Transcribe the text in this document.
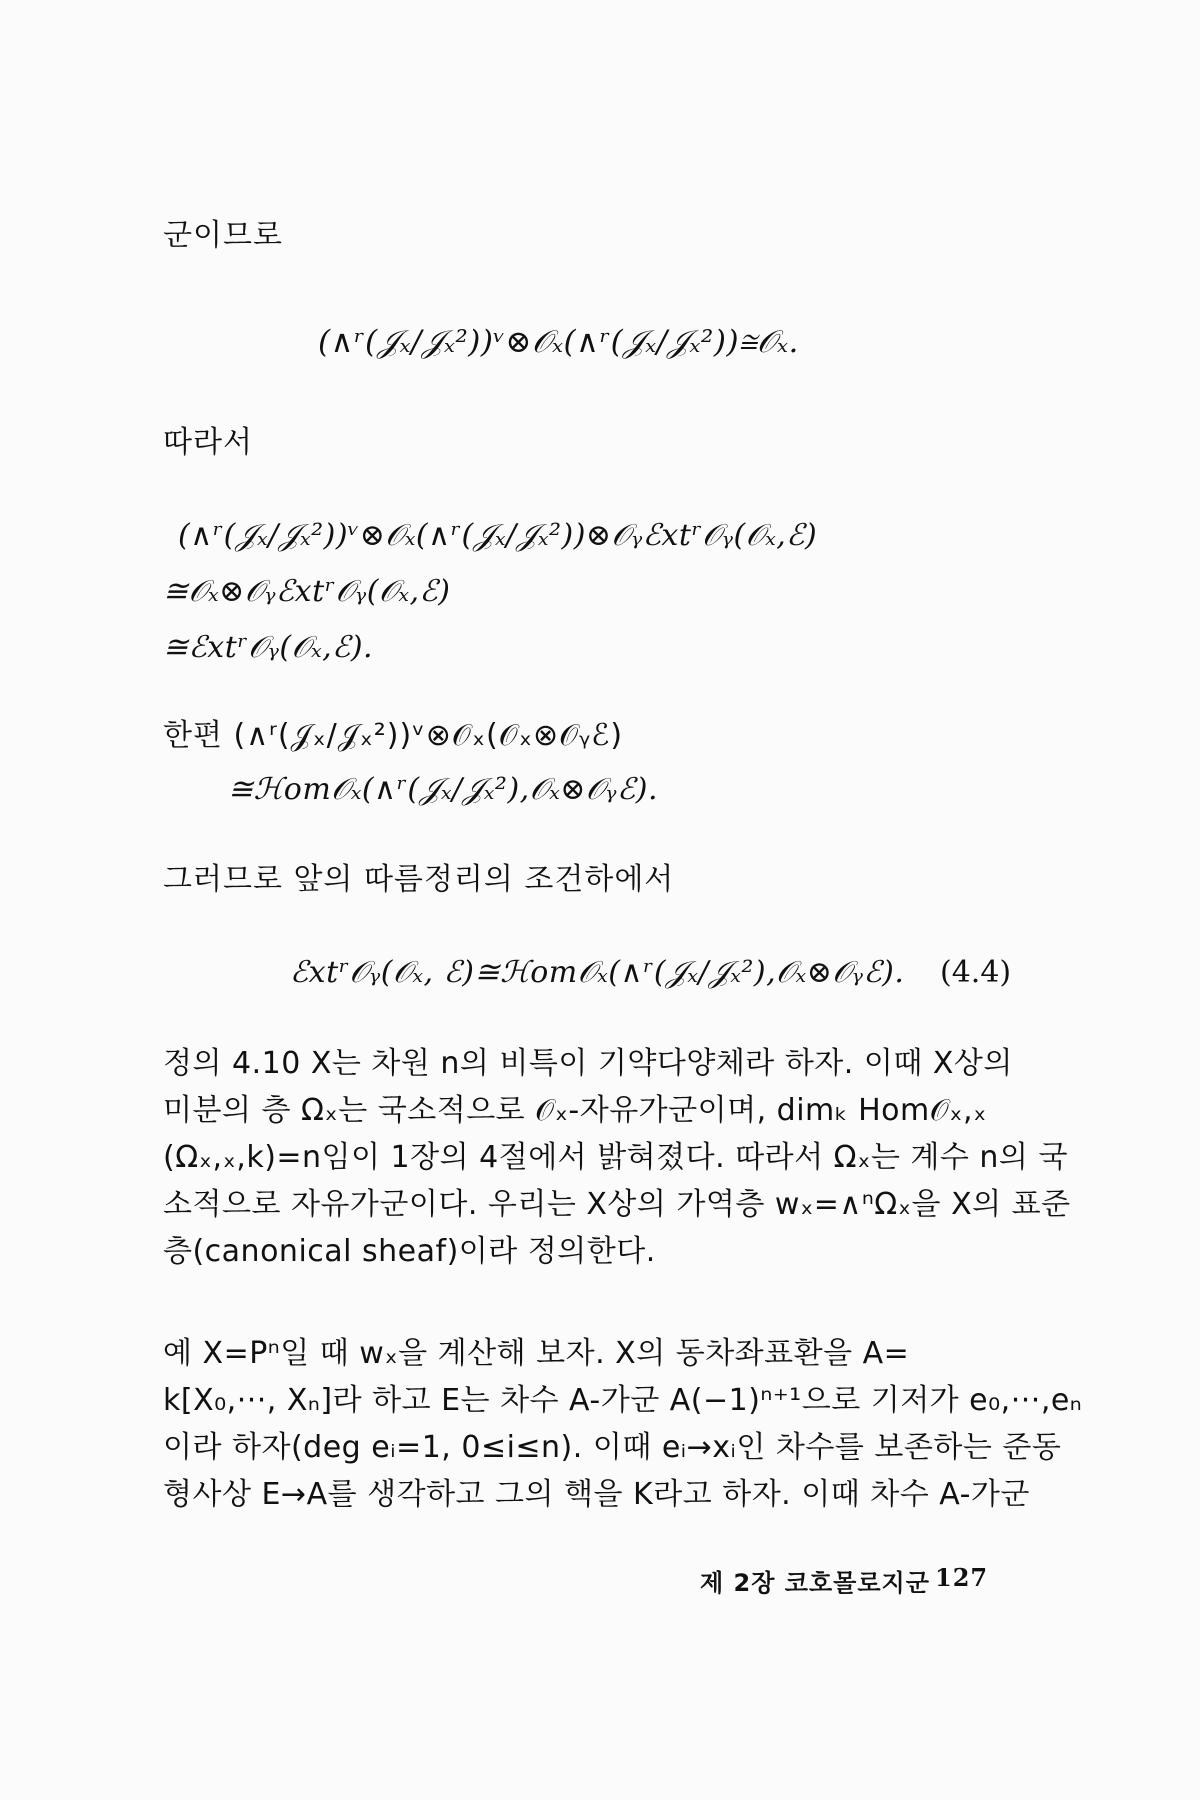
군이므로
(∧ʳ(𝒥ₓ/𝒥ₓ²))ᵛ⊗𝒪ₓ(∧ʳ(𝒥ₓ/𝒥ₓ²))≅𝒪ₓ.
따라서
(∧ʳ(𝒥ₓ/𝒥ₓ²))ᵛ⊗𝒪ₓ(∧ʳ(𝒥ₓ/𝒥ₓ²))⊗𝒪ᵧℰxtʳ𝒪ᵧ(𝒪ₓ,ℰ)
≅𝒪ₓ⊗𝒪ᵧℰxtʳ𝒪ᵧ(𝒪ₓ,ℰ)
≅ℰxtʳ𝒪ᵧ(𝒪ₓ,ℰ).
한편 (∧ʳ(𝒥ₓ/𝒥ₓ²))ᵛ⊗𝒪ₓ(𝒪ₓ⊗𝒪ᵧℰ)
≅ℋom𝒪ₓ(∧ʳ(𝒥ₓ/𝒥ₓ²),𝒪ₓ⊗𝒪ᵧℰ).
그러므로 앞의 따름정리의 조건하에서
ℰxtʳ𝒪ᵧ(𝒪ₓ, ℰ)≅ℋom𝒪ₓ(∧ʳ(𝒥ₓ/𝒥ₓ²),𝒪ₓ⊗𝒪ᵧℰ). (4.4)
정의 4.10 X는 차원 n의 비특이 기약다양체라 하자. 이때 X상의
미분의 층 Ωₓ는 국소적으로 𝒪ₓ-자유가군이며, dimₖ Hom𝒪ₓ,ₓ
(Ωₓ,ₓ,k)=n임이 1장의 4절에서 밝혀졌다. 따라서 Ωₓ는 계수 n의 국
소적으로 자유가군이다. 우리는 X상의 가역층 wₓ=∧ⁿΩₓ을 X의 표준
층(canonical sheaf)이라 정의한다.
예 X=Pⁿ일 때 wₓ을 계산해 보자. X의 동차좌표환을 A=
k[X₀,···, Xₙ]라 하고 E는 차수 A-가군 A(−1)ⁿ⁺¹으로 기저가 e₀,···,eₙ
이라 하자(deg eᵢ=1, 0≤i≤n). 이때 eᵢ→xᵢ인 차수를 보존하는 준동
형사상 E→A를 생각하고 그의 핵을 K라고 하자. 이때 차수 A-가군
제 2장 코호몰로지군 127
